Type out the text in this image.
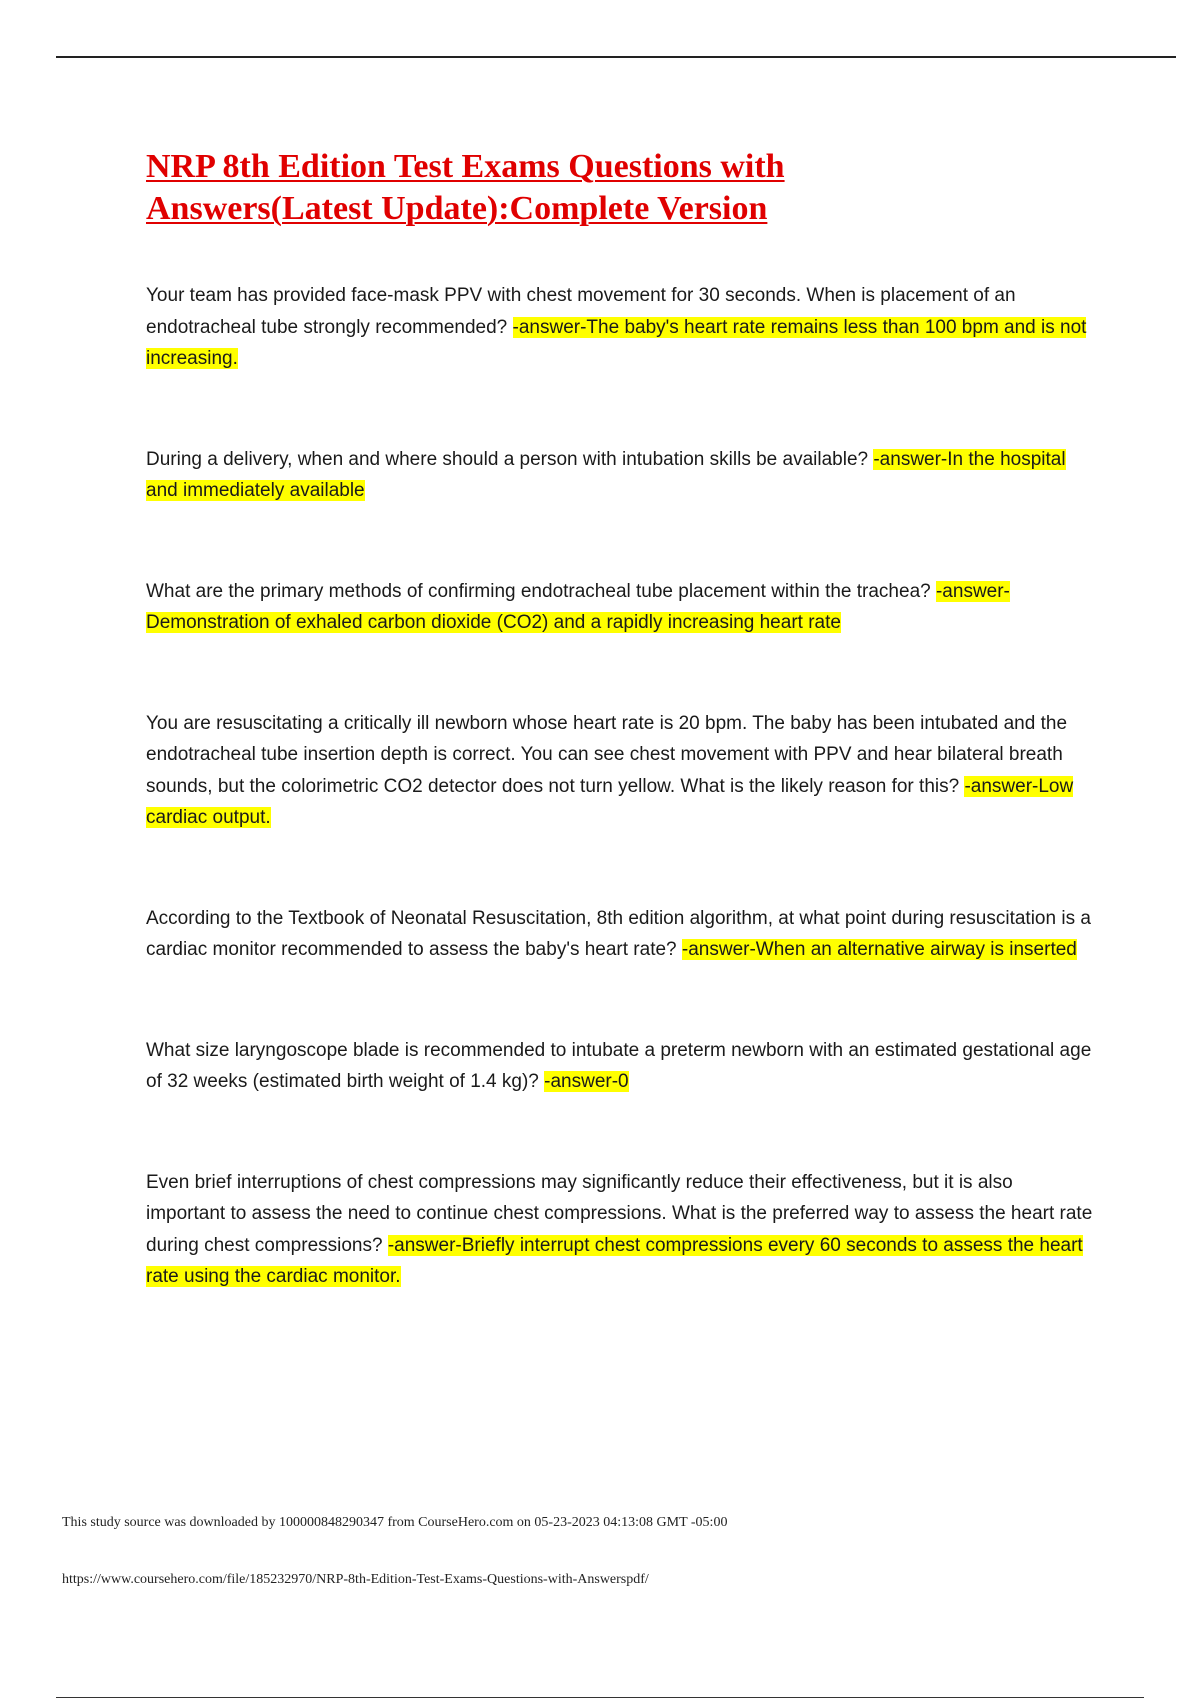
NRP 8th Edition Test Exams Questions with Answers(Latest Update):Complete Version
Your team has provided face-mask PPV with chest movement for 30 seconds. When is placement of an endotracheal tube strongly recommended? -answer-The baby's heart rate remains less than 100 bpm and is not increasing.
During a delivery, when and where should a person with intubation skills be available? -answer-In the hospital and immediately available
What are the primary methods of confirming endotracheal tube placement within the trachea? -answer-Demonstration of exhaled carbon dioxide (CO2) and a rapidly increasing heart rate
You are resuscitating a critically ill newborn whose heart rate is 20 bpm. The baby has been intubated and the endotracheal tube insertion depth is correct. You can see chest movement with PPV and hear bilateral breath sounds, but the colorimetric CO2 detector does not turn yellow. What is the likely reason for this? -answer-Low cardiac output.
According to the Textbook of Neonatal Resuscitation, 8th edition algorithm, at what point during resuscitation is a cardiac monitor recommended to assess the baby's heart rate? -answer-When an alternative airway is inserted
What size laryngoscope blade is recommended to intubate a preterm newborn with an estimated gestational age of 32 weeks (estimated birth weight of 1.4 kg)? -answer-0
Even brief interruptions of chest compressions may significantly reduce their effectiveness, but it is also important to assess the need to continue chest compressions. What is the preferred way to assess the heart rate during chest compressions? -answer-Briefly interrupt chest compressions every 60 seconds to assess the heart rate using the cardiac monitor.
This study source was downloaded by 100000848290347 from CourseHero.com on 05-23-2023 04:13:08 GMT -05:00
https://www.coursehero.com/file/185232970/NRP-8th-Edition-Test-Exams-Questions-with-Answerspdf/
